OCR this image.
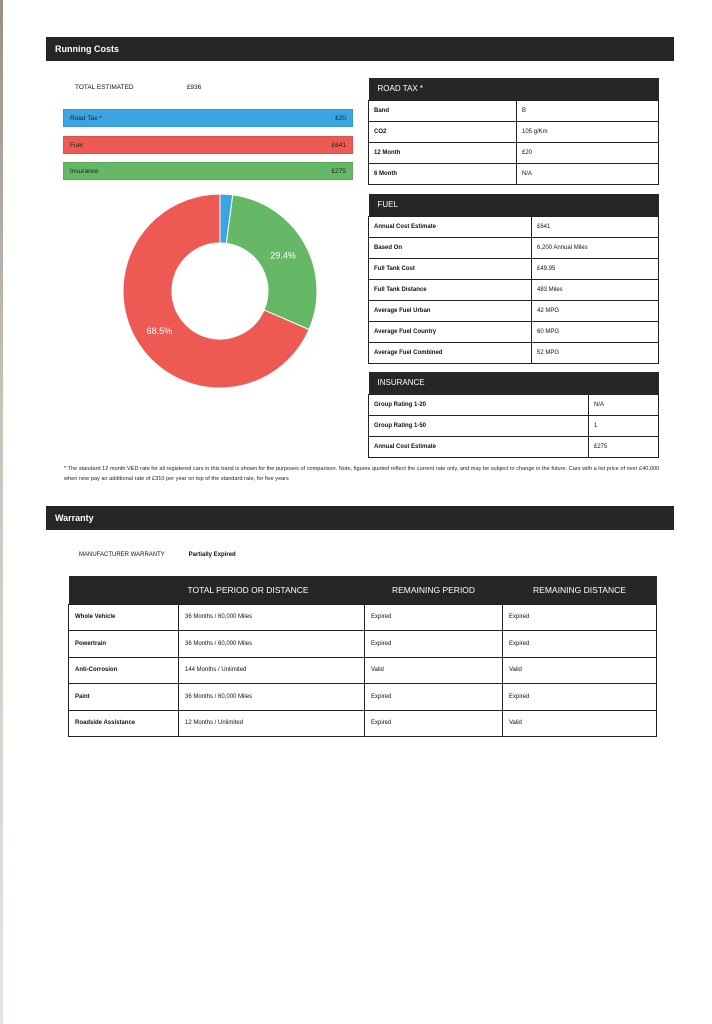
Running Costs
TOTAL ESTIMATED	£936
Road Tax *	£20
Fuel	£641
Insurance	£275
29.4%
68.5%
ROAD TAX *	
Band	B
CO2	105 g/Km
12 Month	£20
6 Month	N/A
FUEL	
Annual Cost Estimate	£641
Based On	6,200 Annual Miles
Full Tank Cost	£49.95
Full Tank Distance	483 Miles
Average Fuel Urban	42 MPG
Average Fuel Country	60 MPG
Average Fuel Combined	52 MPG
INSURANCE	
Group Rating 1-20	N/A
Group Rating 1-50	1
Annual Cost Estimate	£275

* The standard 12 month VED rate for all registered cars in this band is shown for the purposes of comparison. Note, figures quoted reflect the current rate only, and may be subject to change in the future. Cars with a list price of over £40,000 when new pay an additional rate of £310 per year on top of the standard rate, for five years

Warranty
MANUFACTURER WARRANTY	Partially Expired
	TOTAL PERIOD OR DISTANCE	REMAINING PERIOD	REMAINING DISTANCE
Whole Vehicle	36 Months / 60,000 Miles	Expired	Expired
Powertrain	36 Months / 60,000 Miles	Expired	Expired
Anti-Corrosion	144 Months / Unlimited	Valid	Valid
Paint	36 Months / 60,000 Miles	Expired	Expired
Roadside Assistance	12 Months / Unlimited	Expired	Valid
